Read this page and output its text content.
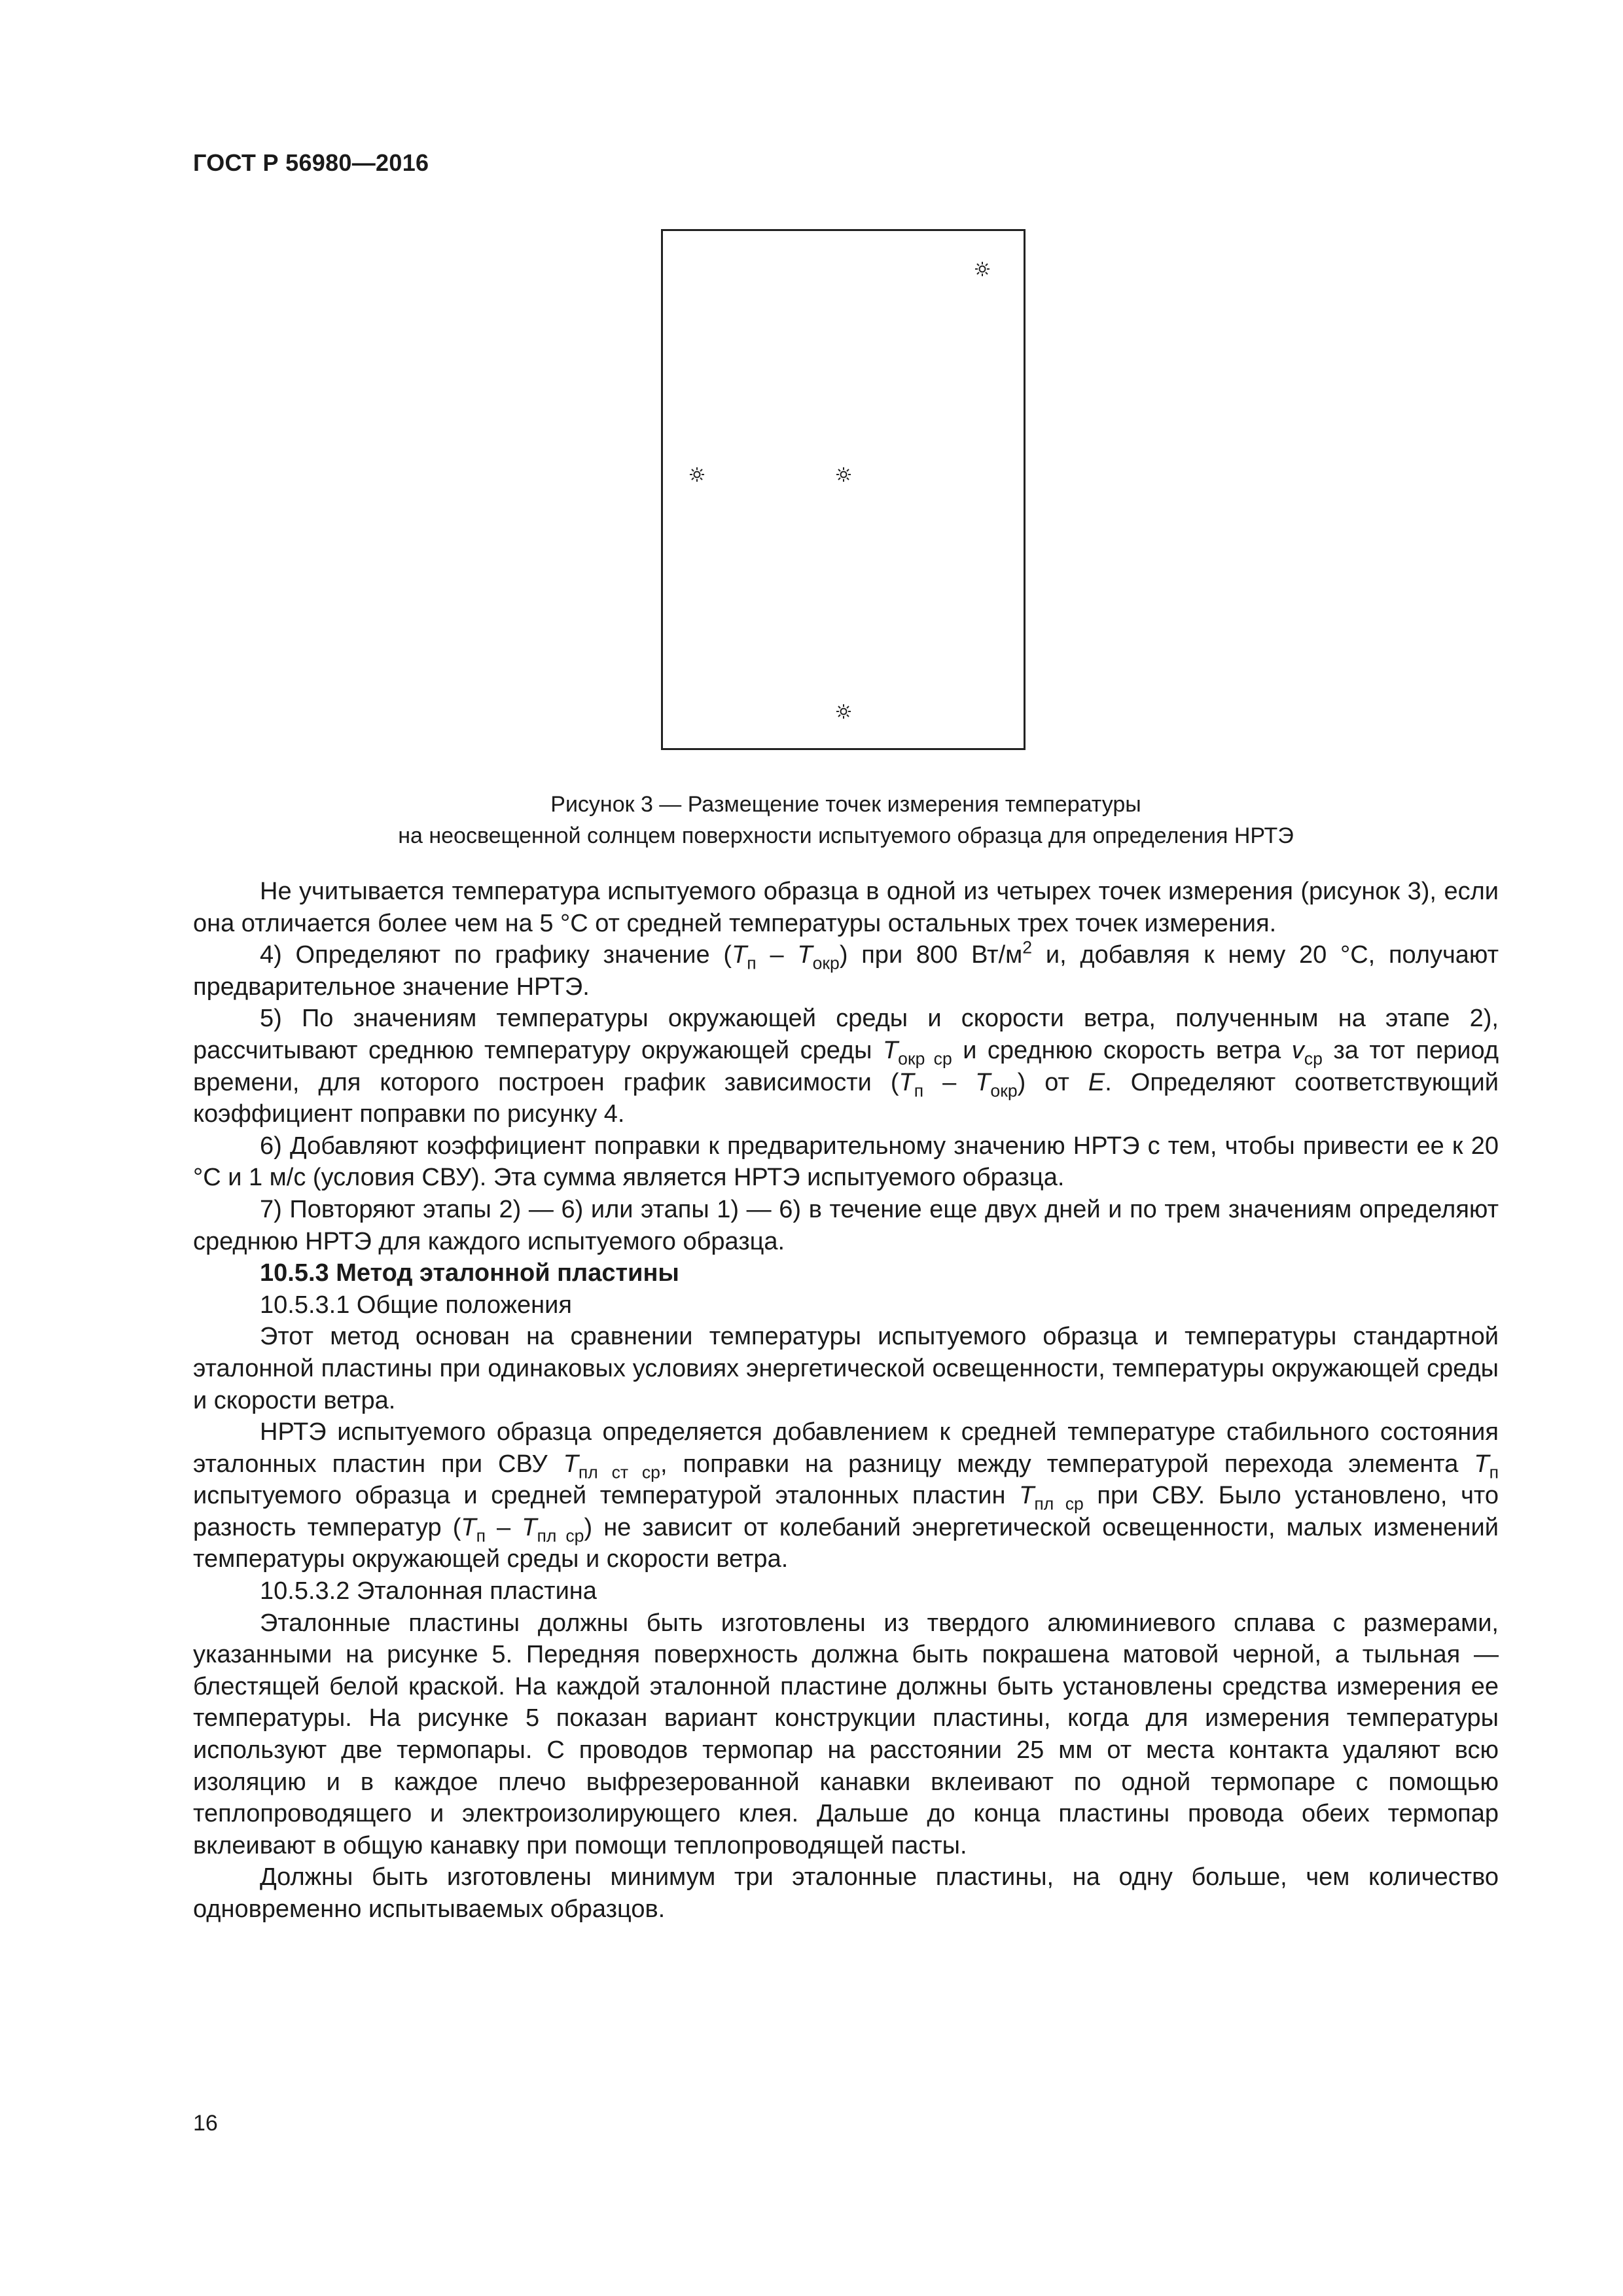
ГОСТ Р 56980—2016
Рисунок 3 — Размещение точек измерения температуры
на неосвещенной солнцем поверхности испытуемого образца для определения НРТЭ

Не учитывается температура испытуемого образца в одной из четырех точек измерения (рисунок 3), если она отличается более чем на 5 °С от средней температуры остальных трех точек измерения.

4) Определяют по графику значение $(T_п - T_{окр})$ при 800 $Вт/м^2$ и, добавляя к нему 20 °С, получают предварительное значение НРТЭ.

5) По значениям температуры окружающей среды и скорости ветра, полученным на этапе 2), рассчитывают среднюю температуру окружающей среды $T_{окр ср}$ и среднюю скорость ветра $v_{ср}$ за тот период времени, для которого построен график зависимости $(T_п - T_{окр})$ от E. Определяют соответствующий коэффициент поправки по рисунку 4.

6) Добавляют коэффициент поправки к предварительному значению НРТЭ с тем, чтобы привести ее к 20 °С и 1 м/с (условия СВУ). Эта сумма является НРТЭ испытуемого образца.

7) Повторяют этапы 2) — 6) или этапы 1) — 6) в течение еще двух дней и по трем значениям определяют среднюю НРТЭ для каждого испытуемого образца.

10.5.3 Метод эталонной пластины

10.5.3.1 Общие положения

Этот метод основан на сравнении температуры испытуемого образца и температуры стандартной эталонной пластины при одинаковых условиях энергетической освещенности, температуры окружающей среды и скорости ветра.

НРТЭ испытуемого образца определяется добавлением к средней температуре стабильного состояния эталонных пластин при СВУ $T_{пл ст ср}$, поправки на разницу между температурой перехода элемента $T_п$ испытуемого образца и средней температурой эталонных пластин $T_{пл ср}$ при СВУ. Было установлено, что разность температур $(T_п - T_{пл ср})$ не зависит от колебаний энергетической освещенности, малых изменений температуры окружающей среды и скорости ветра.

10.5.3.2 Эталонная пластина

Эталонные пластины должны быть изготовлены из твердого алюминиевого сплава с размерами, указанными на рисунке 5. Передняя поверхность должна быть покрашена матовой черной, а тыльная — блестящей белой краской. На каждой эталонной пластине должны быть установлены средства измерения ее температуры. На рисунке 5 показан вариант конструкции пластины, когда для измерения температуры используют две термопары. С проводов термопар на расстоянии 25 мм от места контакта удаляют всю изоляцию и в каждое плечо выфрезерованной канавки вклеивают по одной термопаре с помощью теплопроводящего и электроизолирующего клея. Дальше до конца пластины провода обеих термопар вклеивают в общую канавку при помощи теплопроводящей пасты.

Должны быть изготовлены минимум три эталонные пластины, на одну больше, чем количество одновременно испытываемых образцов.

16
